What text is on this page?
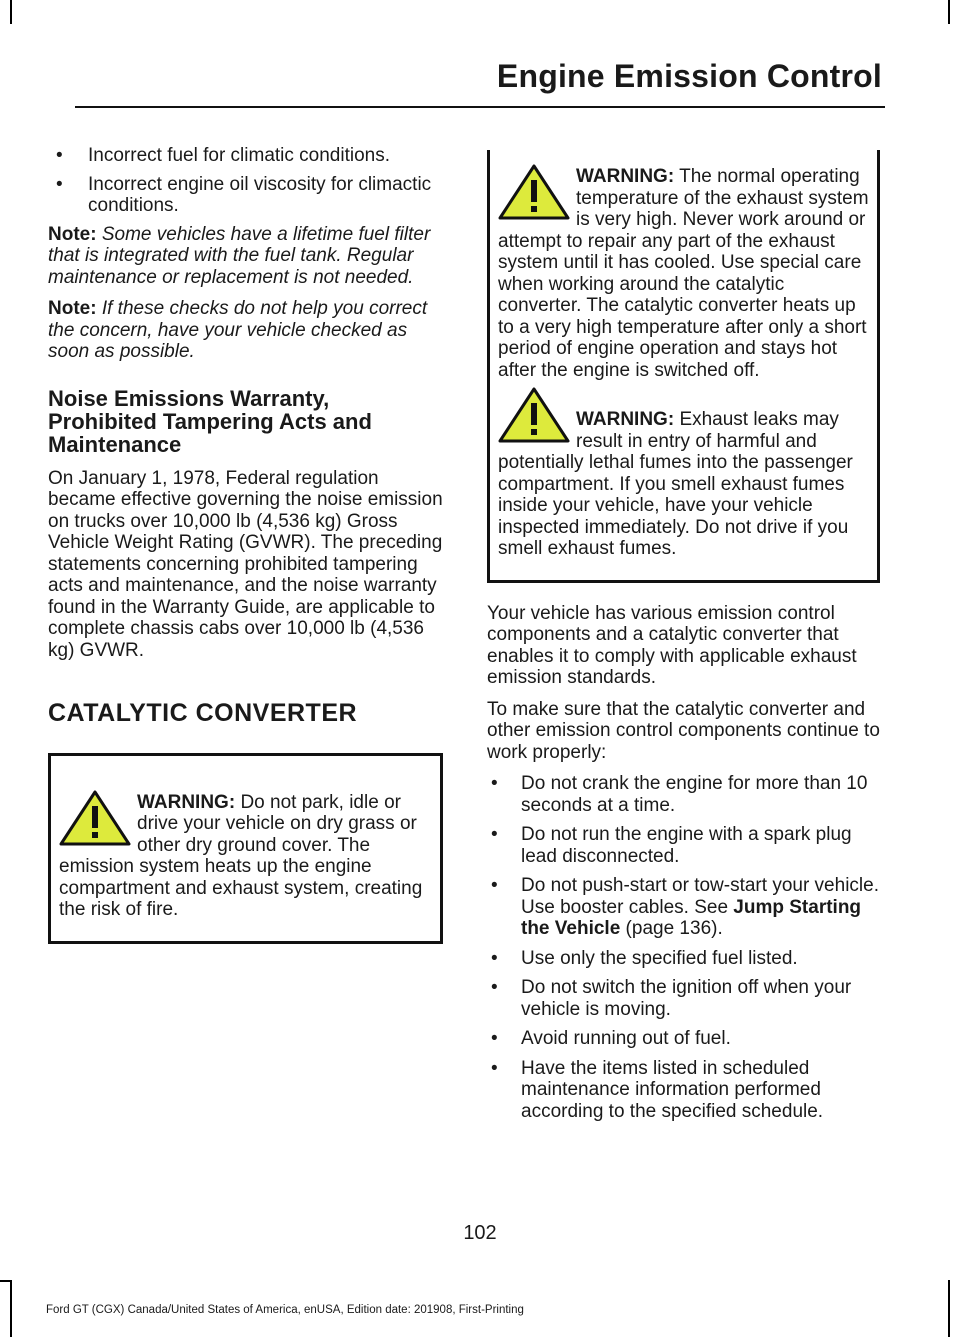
Engine Emission Control
• Incorrect fuel for climatic conditions.
• Incorrect engine oil viscosity for climactic conditions.

Note: Some vehicles have a lifetime fuel filter that is integrated with the fuel tank. Regular maintenance or replacement is not needed.

Note: If these checks do not help you correct the concern, have your vehicle checked as soon as possible.

Noise Emissions Warranty, Prohibited Tampering Acts and Maintenance

On January 1, 1978, Federal regulation became effective governing the noise emission on trucks over 10,000 lb (4,536 kg) Gross Vehicle Weight Rating (GVWR). The preceding statements concerning prohibited tampering acts and maintenance, and the noise warranty found in the Warranty Guide, are applicable to complete chassis cabs over 10,000 lb (4,536 kg) GVWR.

CATALYTIC CONVERTER
WARNING: Do not park, idle or drive your vehicle on dry grass or other dry ground cover. The emission system heats up the engine compartment and exhaust system, creating the risk of fire.
WARNING: The normal operating temperature of the exhaust system is very high. Never work around or attempt to repair any part of the exhaust system until it has cooled. Use special care when working around the catalytic converter. The catalytic converter heats up to a very high temperature after only a short period of engine operation and stays hot after the engine is switched off.
WARNING: Exhaust leaks may result in entry of harmful and potentially lethal fumes into the passenger compartment. If you smell exhaust fumes inside your vehicle, have your vehicle inspected immediately. Do not drive if you smell exhaust fumes.

Your vehicle has various emission control components and a catalytic converter that enables it to comply with applicable exhaust emission standards.

To make sure that the catalytic converter and other emission control components continue to work properly:

• Do not crank the engine for more than 10 seconds at a time.
• Do not run the engine with a spark plug lead disconnected.
• Do not push-start or tow-start your vehicle. Use booster cables. See Jump Starting the Vehicle (page 136).
• Use only the specified fuel listed.
• Do not switch the ignition off when your vehicle is moving.
• Avoid running out of fuel.
• Have the items listed in scheduled maintenance information performed according to the specified schedule.

102

Ford GT (CGX) Canada/United States of America, enUSA, Edition date: 201908, First-Printing
